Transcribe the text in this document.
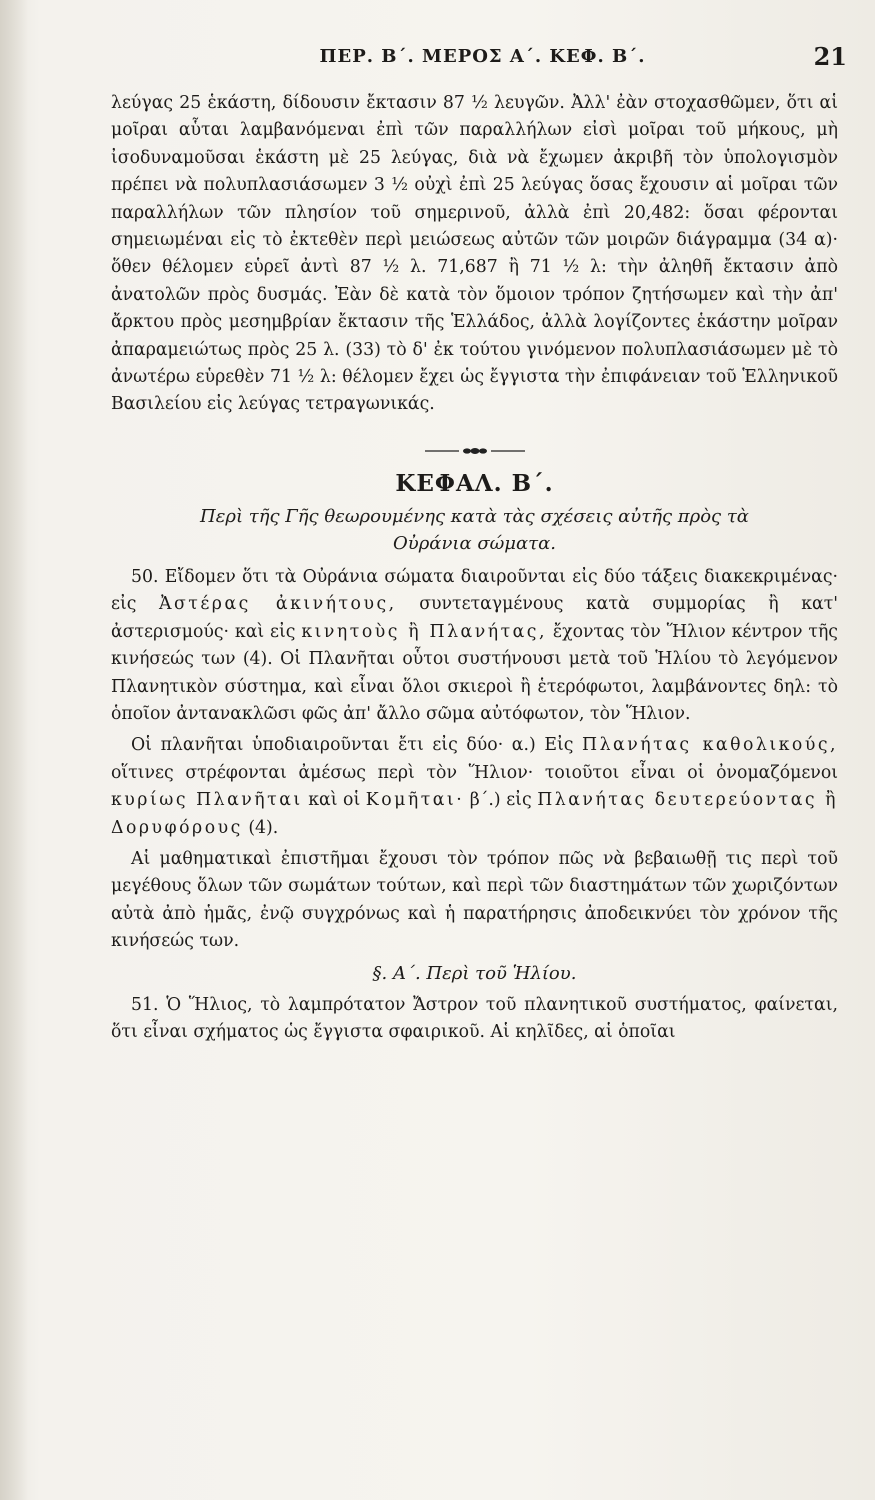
ΠΕΡ. Β΄. ΜΕΡΟΣ Α΄. ΚΕΦ. Β΄.	21

λεύγας 25 ἑκάστη, δίδουσιν ἔκτασιν 87 ½ λευγῶν. Ἀλλ' ἐὰν στοχασθῶμεν, ὅτι αἱ μοῖραι αὗται λαμβανόμεναι ἐπὶ τῶν παραλλήλων εἰσὶ μοῖραι τοῦ μήκους, μὴ ἰσοδυναμοῦσαι ἑκάστη μὲ 25 λεύγας, διὰ νὰ ἔχωμεν ἀκριβῆ τὸν ὑπολογισμὸν πρέπει νὰ πολυπλασιάσωμεν 3 ½ οὐχὶ ἐπὶ 25 λεύγας ὅσας ἔχουσιν αἱ μοῖραι τῶν παραλλήλων τῶν πλησίον τοῦ σημερινοῦ, ἀλλὰ ἐπὶ 20,482: ὅσαι φέρονται σημειωμέναι εἰς τὸ ἐκτεθὲν περὶ μειώσεως αὐτῶν τῶν μοιρῶν διάγραμμα (34 α)· ὅθεν θέλομεν εὑρεῖ ἀντὶ 87 ½ λ. 71,687 ἢ 71 ½ λ: τὴν ἀληθῆ ἔκτασιν ἀπὸ ἀνατολῶν πρὸς δυσμάς. Ἐὰν δὲ κατὰ τὸν ὅμοιον τρόπον ζητήσωμεν καὶ τὴν ἀπ' ἄρκτου πρὸς μεσημβρίαν ἔκτασιν τῆς Ἑλλάδος, ἀλλὰ λογίζοντες ἑκάστην μοῖραν ἀπαραμειώτως πρὸς 25 λ. (33) τὸ δ' ἐκ τούτου γινόμενον πολυπλασιάσωμεν μὲ τὸ ἀνωτέρω εὑρεθὲν 71 ½ λ: θέλομεν ἔχει ὡς ἔγγιστα τὴν ἐπιφάνειαν τοῦ Ἑλληνικοῦ Βασιλείου εἰς λεύγας τετραγωνικάς.

ΚΕΦΑΛ. Β΄.
Περὶ τῆς Γῆς θεωρουμένης κατὰ τὰς σχέσεις αὐτῆς πρὸς τὰ
Οὐράνια σώματα.

50. Εἴδομεν ὅτι τὰ Οὐράνια σώματα διαιροῦνται εἰς δύο τάξεις διακεκριμένας· εἰς Ἀστέρας ἀκινήτους, συντεταγμένους κατὰ συμμορίας ἢ κατ' ἀστερισμούς· καὶ εἰς κινητοὺς ἢ Πλανήτας, ἔχοντας τὸν Ἥλιον κέντρον τῆς κινήσεώς των (4). Οἱ Πλανῆται οὗτοι συστήνουσι μετὰ τοῦ Ἡλίου τὸ λεγόμενον Πλανητικὸν σύστημα, καὶ εἶναι ὅλοι σκιεροὶ ἢ ἑτερόφωτοι, λαμβάνοντες δηλ: τὸ ὁποῖον ἀντανακλῶσι φῶς ἀπ' ἄλλο σῶμα αὐτόφωτον, τὸν Ἥλιον.

Οἱ πλανῆται ὑποδιαιροῦνται ἔτι εἰς δύο· α.) Εἰς Πλανήτας καθολικούς, οἵτινες στρέφονται ἀμέσως περὶ τὸν Ἥλιον· τοιοῦτοι εἶναι οἱ ὀνομαζόμενοι κυρίως Πλανῆται καὶ οἱ Κομῆται· β΄.) εἰς Πλανήτας δευτερεύοντας ἢ Δορυφόρους (4).

Αἱ μαθηματικαὶ ἐπιστῆμαι ἔχουσι τὸν τρόπον πῶς νὰ βεβαιωθῇ τις περὶ τοῦ μεγέθους ὅλων τῶν σωμάτων τούτων, καὶ περὶ τῶν διαστημάτων τῶν χωριζόντων αὐτὰ ἀπὸ ἡμᾶς, ἐνῷ συγχρόνως καὶ ἡ παρατήρησις ἀποδεικνύει τὸν χρόνον τῆς κινήσεώς των.

§. Α΄. Περὶ τοῦ Ἡλίου.

51. Ὁ Ἥλιος, τὸ λαμπρότατον Ἄστρον τοῦ πλανητικοῦ συστήματος, φαίνεται, ὅτι εἶναι σχήματος ὡς ἔγγιστα σφαιρικοῦ. Αἱ κηλῖδες, αἱ ὁποῖαι
